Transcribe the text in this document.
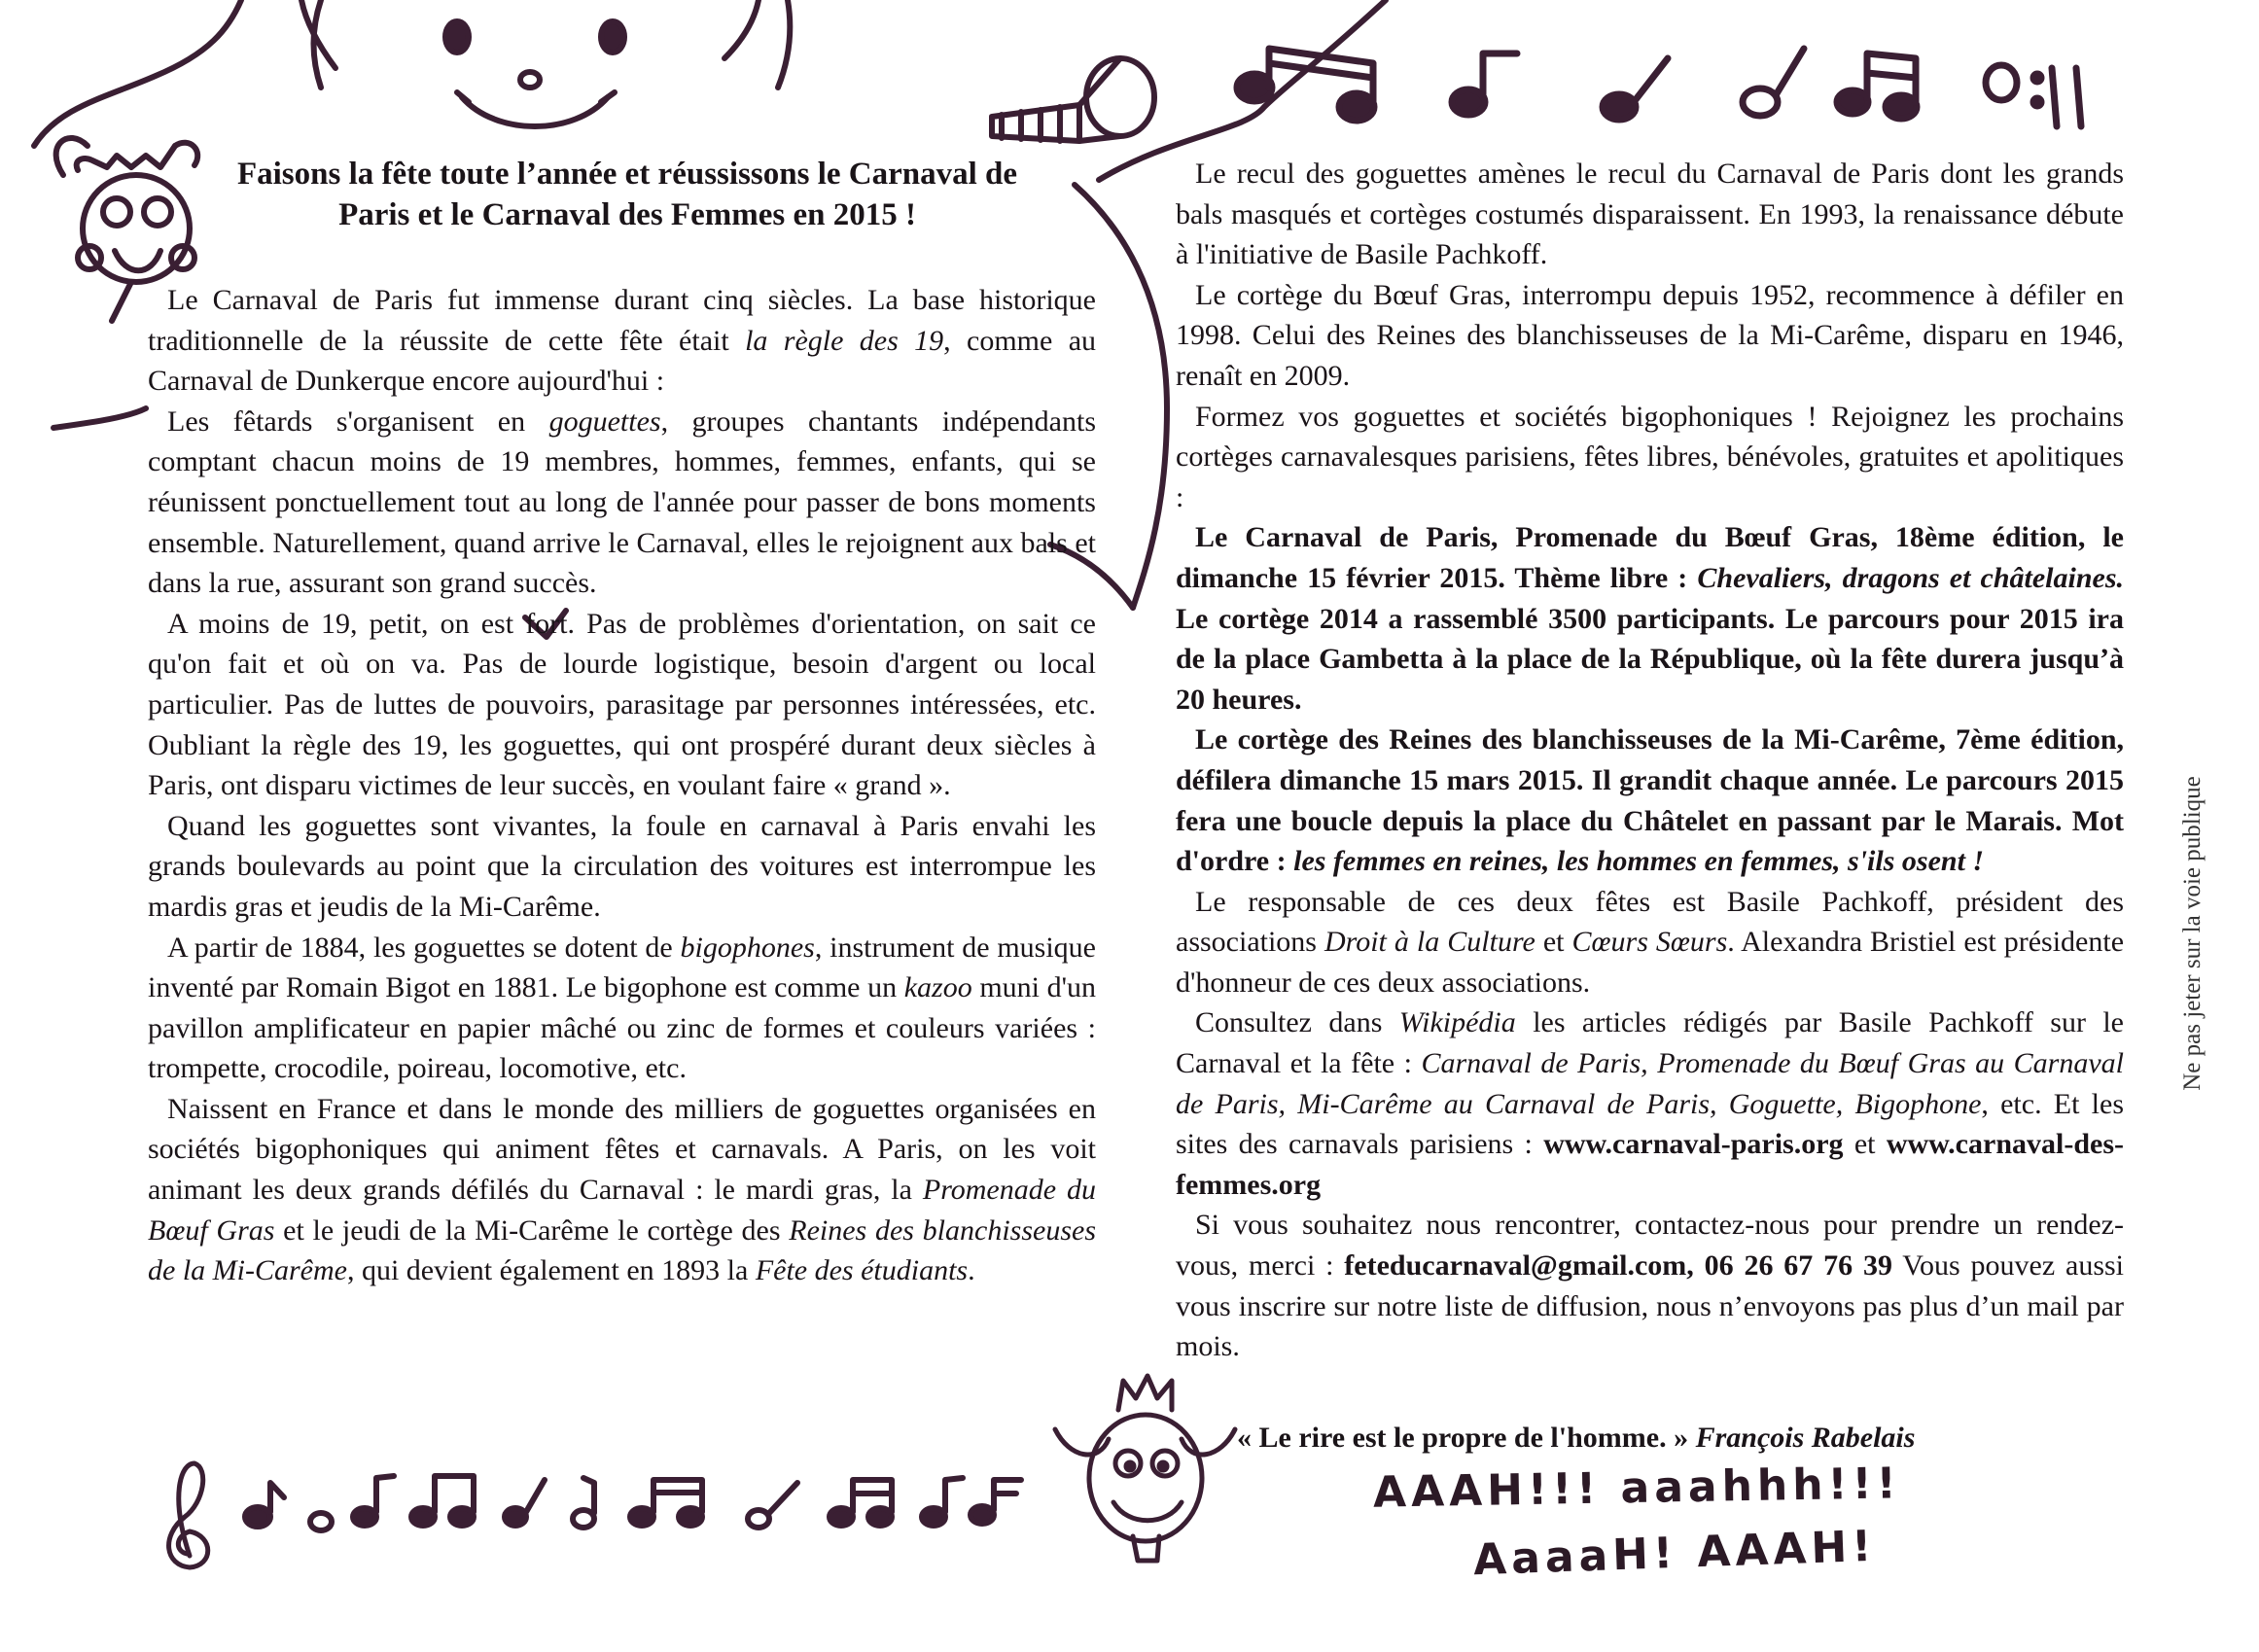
Faisons la fête toute l’année et réussissons le Carnaval de
Paris et le Carnaval des Femmes en 2015 !

Le Carnaval de Paris fut immense durant cinq siècles. La base historique traditionnelle de la réussite de cette fête était la règle des 19, comme au Carnaval de Dunkerque encore aujourd'hui :

Les fêtards s'organisent en goguettes, groupes chantants indépendants comptant chacun moins de 19 membres, hommes, femmes, enfants, qui se réunissent ponctuellement tout au long de l'année pour passer de bons moments ensemble. Naturellement, quand arrive le Carnaval, elles le rejoignent aux bals et dans la rue, assurant son grand succès.

A moins de 19, petit, on est fort. Pas de problèmes d'orientation, on sait ce qu'on fait et où on va. Pas de lourde logistique, besoin d'argent ou local particulier. Pas de luttes de pouvoirs, parasitage par personnes intéressées, etc. Oubliant la règle des 19, les goguettes, qui ont prospéré durant deux siècles à Paris, ont disparu victimes de leur succès, en voulant faire « grand ».

Quand les goguettes sont vivantes, la foule en carnaval à Paris envahi les grands boulevards au point que la circulation des voitures est interrompue les mardis gras et jeudis de la Mi-Carême.

A partir de 1884, les goguettes se dotent de bigophones, instrument de musique inventé par Romain Bigot en 1881. Le bigophone est comme un kazoo muni d'un pavillon amplificateur en papier mâché ou zinc de formes et couleurs variées : trompette, crocodile, poireau, locomotive, etc.

Naissent en France et dans le monde des milliers de goguettes organisées en sociétés bigophoniques qui animent fêtes et carnavals. A Paris, on les voit animant les deux grands défilés du Carnaval : le mardi gras, la Promenade du Bœuf Gras et le jeudi de la Mi-Carême le cortège des Reines des blanchisseuses de la Mi-Carême, qui devient également en 1893 la Fête des étudiants.

Le recul des goguettes amènes le recul du Carnaval de Paris dont les grands bals masqués et cortèges costumés disparaissent. En 1993, la renaissance débute à l'initiative de Basile Pachkoff.

Le cortège du Bœuf Gras, interrompu depuis 1952, recommence à défiler en 1998. Celui des Reines des blanchisseuses de la Mi-Carême, disparu en 1946, renaît en 2009.

Formez vos goguettes et sociétés bigophoniques ! Rejoignez les prochains cortèges carnavalesques parisiens, fêtes libres, bénévoles, gratuites et apolitiques :

Le Carnaval de Paris, Promenade du Bœuf Gras, 18ème édition, le dimanche 15 février 2015. Thème libre : Chevaliers, dragons et châtelaines. Le cortège 2014 a rassemblé 3500 participants. Le parcours pour 2015 ira de la place Gambetta à la place de la République, où la fête durera jusqu’à 20 heures.

Le cortège des Reines des blanchisseuses de la Mi-Carême, 7ème édition, défilera dimanche 15 mars 2015. Il grandit chaque année. Le parcours 2015 fera une boucle depuis la place du Châtelet en passant par le Marais. Mot d'ordre : les femmes en reines, les hommes en femmes, s'ils osent !

Le responsable de ces deux fêtes est Basile Pachkoff, président des associations Droit à la Culture et Cœurs Sœurs. Alexandra Bristiel est présidente d'honneur de ces deux associations.

Consultez dans Wikipédia les articles rédigés par Basile Pachkoff sur le Carnaval et la fête : Carnaval de Paris, Promenade du Bœuf Gras au Carnaval de Paris, Mi-Carême au Carnaval de Paris, Goguette, Bigophone, etc. Et les sites des carnavals parisiens : www.carnaval-paris.org et www.carnaval-des-femmes.org

Si vous souhaitez nous rencontrer, contactez-nous pour prendre un rendez-vous, merci : feteducarnaval@gmail.com, 06 26 67 76 39 Vous pouvez aussi vous inscrire sur notre liste de diffusion, nous n’envoyons pas plus d’un mail par mois.

« Le rire est le propre de l'homme. » François Rabelais
AAAH!!! aaahhh!!!
AaaaH! AAAH!
Ne pas jeter sur la voie publique
